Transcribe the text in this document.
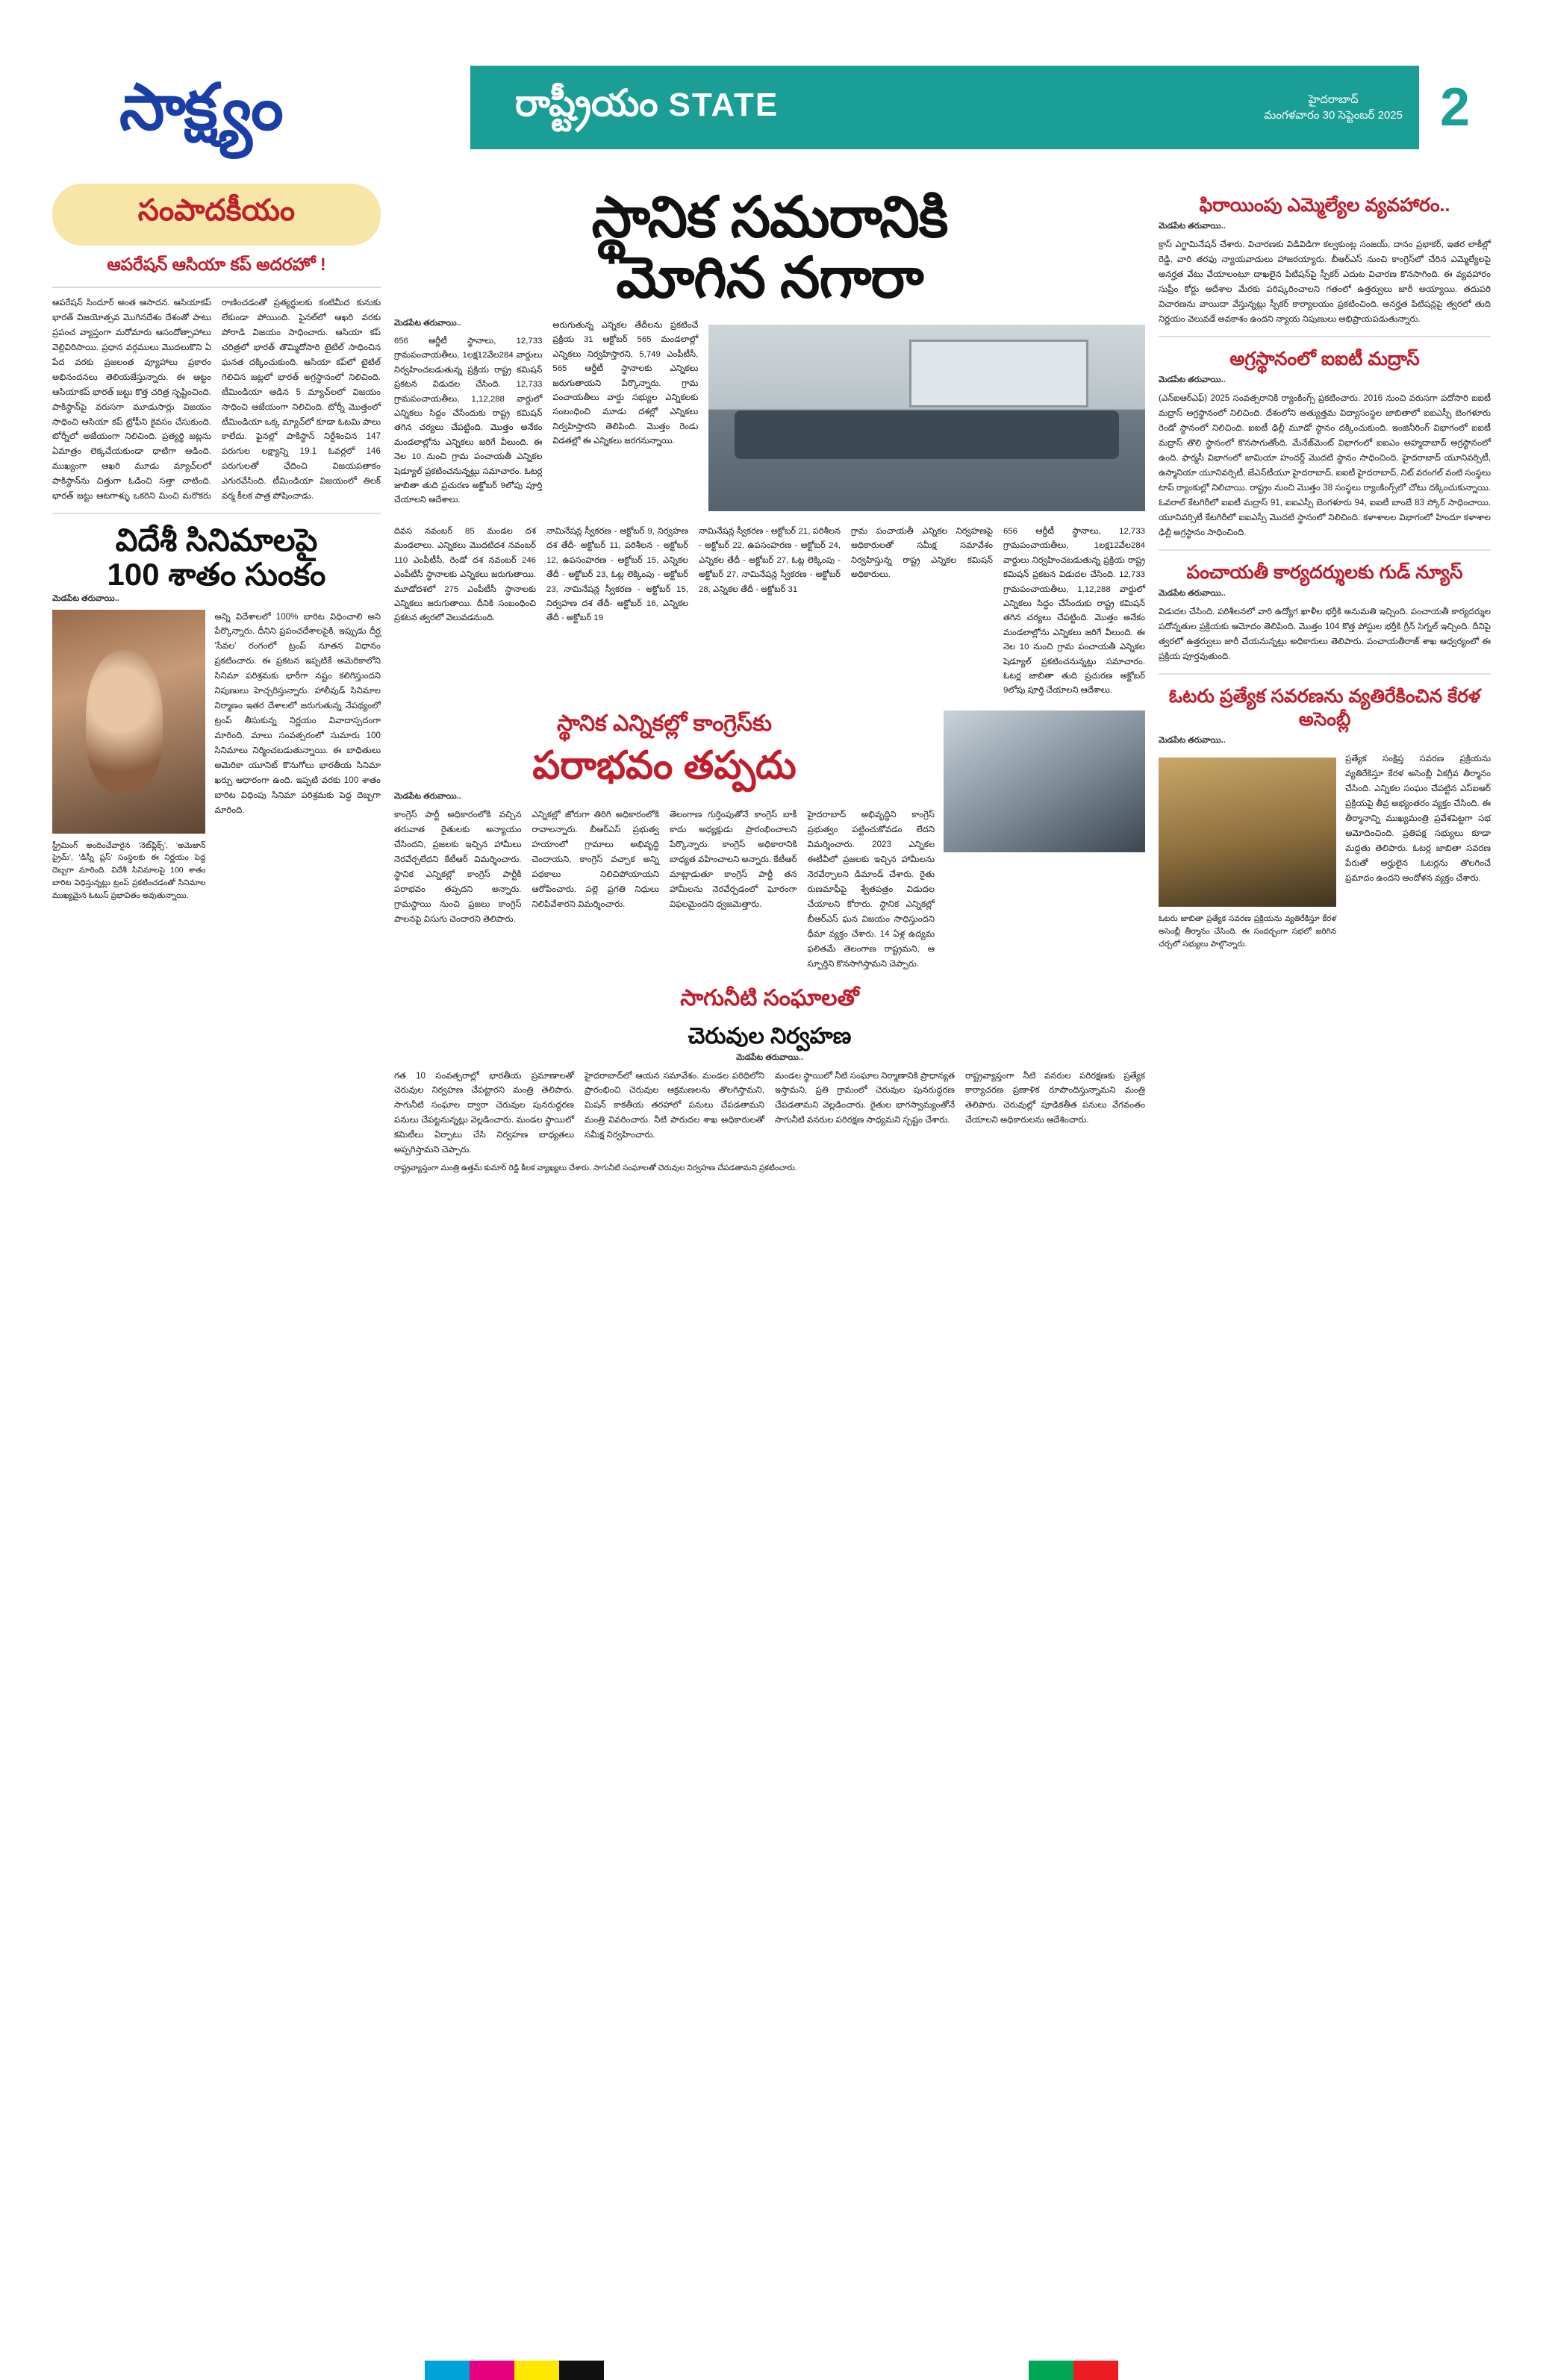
సాక్ష్యం	రాష్ట్రీయం STATE	హైదరాబాద్
మంగళవారం 30 సెప్టెంబర్ 2025 2
సంపాదకీయం
ఆపరేషన్ ఆసియా కప్ అదరహో !
ఆపరేషన్ సిందూర్ అంత ఆసాదన. ఆసియాకప్ భారత్ విజయోత్సవ మొగినదేశం దేశంతో పాటు ప్రపంచ వ్యాప్తంగా మరోమారు ఆసందోత్సాహాలు వెల్లివిరిసాయి. ప్రధాన వర్గములు మొదలుకొని ఏ పేద వరకు ప్రజలంత వ్యూహాలు ప్రకారం అభినందనలు తెలియజేస్తున్నారు. ఈ ఆట్టం ఆసియాకప్ భారత్ జట్టు కొత్త చరిత్ర సృష్టించింది. పాకిస్థాన్‌పై వరుసగా మూడుసార్లు విజయం సాధించి ఆసియా కప్ ట్రోఫీని కైవసం చేసుకుంది. టోర్నీలో అజేయంగా నిలిచింది. ప్రత్యర్థి జట్లను ఏమాత్రం లెక్కచేయకుండా ధాటిగా ఆడింది. ముఖ్యంగా ఆఖరి మూడు మ్యాచ్‌లలో పాకిస్థాన్‌ను చిత్తుగా ఓడించి సత్తా చాటింది. భారత్ జట్టు ఆటగాళ్ళు ఒకరిని మించి మరొకరు రాణించడంతో ప్రత్యర్థులకు కంటిమీద కునుకు లేకుండా పోయింది. ఫైనల్‌లో ఆఖరి వరకు పోరాడి విజయం సాధించారు. ఆసియా కప్ చరిత్రలో భారత్ తొమ్మిదోసారి టైటిల్ సాధించిన ఘనత దక్కించుకుంది. ఆసియా కప్‌లో టైటిల్ గెలిచిన జట్లలో భారత్ అగ్రస్థానంలో నిలిచింది. టీమిండియా ఆడిన 5 మ్యాచ్‌లలో విజయం సాధించి ఆజేయంగా నిలిచింది. టోర్నీ మొత్తంలో టీమిండియా ఒక్క మ్యాచ్‌లో కూడా ఓటమి పాలు కాలేదు. ఫైనల్లో పాకిస్థాన్ నిర్దేశించిన 147 పరుగుల లక్ష్యాన్ని 19.1 ఓవర్లలో 146 పరుగులతో ఛేదించి విజయపతాకం ఎగురవేసింది. టీమిండియా విజయంలో తిలక్ వర్మ కీలక పాత్ర పోషించాడు.
విదేశీ సినిమాలపై
100 శాతం సుంకం
మెడపేట తరువాయి..
స్ట్రీమింగ్ అందించేవారైన 'నెట్‌ఫ్లిక్స్', 'అమెజాన్ ప్రైమ్', 'డిస్నీ ప్లస్' సంస్థలకు ఈ నిర్ణయం పెద్ద దెబ్బగా మారింది. విదేశీ సినిమాలపై 100 శాతం బారిట విధిస్తున్నట్లు ట్రంప్ ప్రకటించడంతో సినిమాల ముఖ్యమైన ఓటుస్ ప్రభావితం అవుతున్నాయి.
అన్ని విదేశాలలో 100% బారిట విధించాలి అని పేర్కొన్నారు. దీనిని ప్రపంచదేశాలపైకి, ఇప్పుడు దీర్ఘ 'సేవల' రంగంలో ట్రంప్ నూతన విధానం ప్రకటించారు. ఈ ప్రకటన ఇప్పటికే అమెరికాలోని సినిమా పరిశ్రమకు భారీగా నష్టం కలిగిస్తుందని నిపుణులు హెచ్చరిస్తున్నారు. హాలీవుడ్ సినిమాల నిర్మాణం ఇతర దేశాలలో జరుగుతున్న నేపథ్యంలో ట్రంప్ తీసుకున్న నిర్ణయం వివాదాస్పదంగా మారింది. మాలు సంవత్సరంలో సుమారు 100 సినిమాలు నిర్మించబడుతున్నాయి. ఈ బాధితులు అమెరికా యూనిట్ కొనుగోలు భారతీయ సినిమా ఖర్చు ఆధారంగా ఉంది. ఇప్పటి వరకు 100 శాతం బారిట విధింపు సినిమా పరిశ్రమకు పెద్ద దెబ్బగా మారింది.
స్థానిక సమరానికి
మోగిన నగారా
మెడపేట తరువాయి..
656 ఆర్డీటీ స్థానాలు, 12,733 గ్రామపంచాయతీలు, 1లక్ష12వేల284 వార్డులు నిర్వహించబడుతున్న ప్రక్రియ రాష్ట్ర కమిషన్ ప్రకటన విడుదల చేసింది. 12,733 గ్రామపంచాయతీలు, 1,12,288 వార్డులో ఎన్నికలు సిద్దం చేసేందుకు రాష్ట్ర కమిషన్ తగిన చర్యలు చేపట్టింది. మొత్తం అనేకం మండలాల్లోను ఎన్నికలు జరిగే వీలుంది. ఈ నెల 10 నుంచి గ్రామ పంచాయతీ ఎన్నికల షెడ్యూల్ ప్రకటించనున్నట్లు సమాచారం. ఓటర్ల జాబితా తుది ప్రచురణ అక్టోబర్ 9లోపు పూర్తి చేయాలని ఆదేశాలు.
అరుగుతున్న ఎన్నికల తేదీలను ప్రకటించే ప్రక్రియ 31 ఆక్టోబర్ 565 మండలాల్లో ఎన్నికలు నిర్వహిస్తారని, 5,749 ఎంపీటీసీ, 565 ఆర్డీటీ స్థానాలకు ఎన్నికలు జరుగుతాయని పేర్కొన్నారు. గ్రామ పంచాయతీలు వార్డు సభ్యుల ఎన్నికలకు సంబంధించి మూడు దశల్లో ఎన్నికలు నిర్వహిస్తారని తెలిపింది. మొత్తం రెండు విడతల్లో ఈ ఎన్నికలు జరగనున్నాయి.
దివస నవంబర్ 85 మండల దశ మండలాలు. ఎన్నికలు మొదటిదశ నవంబర్ 110 ఎంపీటీసీ, రెండో దశ నవంబర్ 246 ఎంపీటీసీ స్థానాలకు ఎన్నికలు జరుగుతాయి. మూడోదశలో 275 ఎంపీటీసీ స్థానాలకు ఎన్నికలు జరుగుతాయి. దీనికి సంబంధించి ప్రకటన త్వరలో వెలువడనుంది.
నామినేషన్ల స్వీకరణ - అక్టోబర్ 9, నిర్వహణ దశ తేదీ- అక్టోబర్ 11, పరిశీలన - అక్టోబర్ 12, ఉపసంహరణ - అక్టోబర్ 15, ఎన్నికల తేదీ - అక్టోబర్ 23, ఓట్ల లెక్కింపు - అక్టోబర్ 23, నామినేషన్ల స్వీకరణ - అక్టోబర్ 15, నిర్వహణ దశ తేదీ- అక్టోబర్ 16, ఎన్నికల తేదీ - అక్టోబర్ 19
నామినేషన్ల స్వీకరణ - అక్టోబర్ 21, పరిశీలన - అక్టోబర్ 22, ఉపసంహరణ - అక్టోబర్ 24, ఎన్నికల తేదీ - అక్టోబర్ 27, ఓట్ల లెక్కింపు - అక్టోబర్ 27, నామినేషన్ల స్వీకరణ - అక్టోబర్ 28, ఎన్నికల తేదీ - అక్టోబర్ 31
గ్రామ పంచాయతీ ఎన్నికల నిర్వహణపై అధికారులతో సమీక్ష సమావేశం నిర్వహిస్తున్న రాష్ట్ర ఎన్నికల కమిషన్ అధికారులు.
656 ఆర్డీటీ స్థానాలు, 12,733 గ్రామపంచాయతీలు, 1లక్ష12వేల284 వార్డులు నిర్వహించబడుతున్న ప్రక్రియ రాష్ట్ర కమిషన్ ప్రకటన విడుదల చేసింది. 12,733 గ్రామపంచాయతీలు, 1,12,288 వార్డులో ఎన్నికలు సిద్దం చేసేందుకు రాష్ట్ర కమిషన్ తగిన చర్యలు చేపట్టింది. మొత్తం అనేకం మండలాల్లోను ఎన్నికలు జరిగే వీలుంది. ఈ నెల 10 నుంచి గ్రామ పంచాయతీ ఎన్నికల షెడ్యూల్ ప్రకటించనున్నట్లు సమాచారం. ఓటర్ల జాబితా తుది ప్రచురణ అక్టోబర్ 9లోపు పూర్తి చేయాలని ఆదేశాలు.
స్థానిక ఎన్నికల్లో కాంగ్రెస్‌కు
పరాభవం తప్పదు
మెడపేట తరువాయి..
కాంగ్రెస్ పార్టీ అధికారంలోకి వచ్చిన తరువాత రైతులకు అన్యాయం చేసిందని, ప్రజలకు ఇచ్చిన హామీలు నెరవేర్చలేదని కేటీఆర్ విమర్శించారు. స్థానిక ఎన్నికల్లో కాంగ్రెస్ పార్టీకి పరాభవం తప్పదని అన్నారు. గ్రామస్థాయి నుంచి ప్రజలు కాంగ్రెస్ పాలనపై విసుగు చెందారని తెలిపారు.
ఎన్నికల్లో జోరుగా తిరిగి అధికారంలోకి రావాలన్నారు. బీఆర్ఎస్ ప్రభుత్వ హయాంలో గ్రామాలు అభివృద్ధి చెందాయని, కాంగ్రెస్ వచ్చాక అన్ని పథకాలు నిలిచిపోయాయని ఆరోపించారు. పల్లె ప్రగతి నిధులు నిలిపివేశారని విమర్శించారు.
తెలంగాణ గుర్తింపుతోనే కాంగ్రెస్ బాకీ కాదు అధ్యక్షుడు ప్రారంభించాలని పేర్కొన్నారు. కాంగ్రెస్ అధికారానికి బాధ్యత వహించాలని అన్నారు. కేటీఆర్ మాట్లాడుతూ కాంగ్రెస్ పార్టీ తన హామీలను నెరవేర్చడంలో ఘోరంగా విఫలమైందని ధ్వజమెత్తారు.
హైదరాబాద్ అభివృద్ధిని కాంగ్రెస్ ప్రభుత్వం పట్టించుకోవడం లేదని విమర్శించారు. 2023 ఎన్నికల ఈటీవీలో ప్రజలకు ఇచ్చిన హామీలను నెరవేర్చాలని డిమాండ్ చేశారు. రైతు రుణమాఫీపై శ్వేతపత్రం విడుదల చేయాలని కోరారు. స్థానిక ఎన్నికల్లో బీఆర్ఎస్ ఘన విజయం సాధిస్తుందని ధీమా వ్యక్తం చేశారు. 14 ఏళ్ల ఉద్యమ ఫలితమే తెలంగాణ రాష్ట్రమని, ఆ స్ఫూర్తిని కొనసాగిస్తామని చెప్పారు.
సాగునీటి సంఘాలతో
చెరువుల నిర్వహణ
మెడపేట తరువాయి..
గత 10 సంవత్సరాల్లో భారతీయ ప్రమాణాలతో చెరువుల నిర్వహణ చేపట్టారని మంత్రి తెలిపారు. సాగునీటి సంఘాల ద్వారా చెరువుల పునరుద్ధరణ పనులు చేపట్టనున్నట్లు వెల్లడించారు. మండల స్థాయిలో కమిటీలు ఏర్పాటు చేసి నిర్వహణ బాధ్యతలు అప్పగిస్తామని చెప్పారు.
హైదరాబాద్‌లో ఆయన సమావేశం. మండల పరిధిలోని ప్రారంభించి చెరువుల ఆక్రమణలను తొలగిస్తామని, మిషన్ కాకతీయ తరహాలో పనులు చేపడతామని మంత్రి వివరించారు. నీటి పారుదల శాఖ అధికారులతో సమీక్ష నిర్వహించారు.
మండల స్థాయిలో నీటి సంఘాల నిర్మాణానికి ప్రాధాన్యత ఇస్తామని, ప్రతి గ్రామంలో చెరువుల పునరుద్ధరణ చేపడతామని వెల్లడించారు. రైతుల భాగస్వామ్యంతోనే సాగునీటి వనరుల పరిరక్షణ సాధ్యమని స్పష్టం చేశారు.
రాష్ట్రవ్యాప్తంగా నీటి వనరుల పరిరక్షణకు ప్రత్యేక కార్యాచరణ ప్రణాళిక రూపొందిస్తున్నామని మంత్రి తెలిపారు. చెరువుల్లో పూడికతీత పనులు వేగవంతం చేయాలని అధికారులను ఆదేశించారు.
రాష్ట్రవ్యాప్తంగా మంత్రి ఉత్తమ్ కుమార్ రెడ్డి కీలక వ్యాఖ్యలు చేశారు. సాగునీటి సంఘాలతో చెరువుల నిర్వహణ చేపడతామని ప్రకటించారు.
ఫిరాయింపు ఎమ్మెల్యేల వ్యవహారం..
మెడపేట తరువాయి..
క్రాస్ ఎగ్జామినేషన్ చేశారు. విచారణకు విడివిడిగా కల్వకుంట్ల సంజయ్, దానం ప్రభాకర్, ఇతర లాకీల్లో రెడ్డి, వారి తరఫు న్యాయవాదులు హాజరయ్యారు. బీఆర్ఎస్ నుంచి కాంగ్రెస్‌లో చేరిన ఎమ్మెల్యేలపై అనర్హత వేటు వేయాలంటూ దాఖలైన పిటిషన్‌పై స్పీకర్ ఎదుట విచారణ కొనసాగింది. ఈ వ్యవహారం సుప్రీం కోర్టు ఆదేశాల మేరకు పరిష్కరించాలని గతంలో ఉత్తర్వులు జారీ అయ్యాయి. తదుపరి విచారణను వాయిదా వేస్తున్నట్లు స్పీకర్ కార్యాలయం ప్రకటించింది. అనర్హత పిటిషన్లపై త్వరలో తుది నిర్ణయం వెలువడే అవకాశం ఉందని న్యాయ నిపుణులు అభిప్రాయపడుతున్నారు.
అగ్రస్థానంలో ఐఐటీ మద్రాస్
మెడపేట తరువాయి..
(ఎన్ఐఆర్ఎఫ్) 2025 సంవత్సరానికి ర్యాంకింగ్స్ ప్రకటించారు. 2016 నుంచి వరుసగా పదోసారి ఐఐటీ మద్రాస్ అగ్రస్థానంలో నిలిచింది. దేశంలోని అత్యుత్తమ విద్యాసంస్థల జాబితాలో ఐఐఎస్సీ బెంగళూరు రెండో స్థానంలో నిలిచింది. ఐఐటీ ఢిల్లీ మూడో స్థానం దక్కించుకుంది. ఇంజినీరింగ్ విభాగంలో ఐఐటీ మద్రాస్ తొలి స్థానంలో కొనసాగుతోంది. మేనేజ్‌మెంట్ విభాగంలో ఐఐఎం అహ్మదాబాద్ అగ్రస్థానంలో ఉంది. ఫార్మసీ విభాగంలో జామియా హందర్ద్ మొదటి స్థానం సాధించింది. హైదరాబాద్ యూనివర్సిటీ, ఉస్మానియా యూనివర్సిటీ, జేఎన్‌టీయూ హైదరాబాద్, ఐఐటీ హైదరాబాద్, నిట్ వరంగల్ వంటి సంస్థలు టాప్ ర్యాంకుల్లో నిలిచాయి. రాష్ట్రం నుంచి మొత్తం 38 సంస్థలు ర్యాంకింగ్స్‌లో చోటు దక్కించుకున్నాయి. ఓవరాల్ కేటగిరీలో ఐఐటీ మద్రాస్ 91, ఐఐఎస్సీ బెంగళూరు 94, ఐఐటీ బాంబే 83 స్కోర్ సాధించాయి. యూనివర్సిటీ కేటగిరీలో ఐఐఎస్సీ మొదటి స్థానంలో నిలిచింది. కళాశాలల విభాగంలో హిందూ కళాశాల ఢిల్లీ అగ్రస్థానం సాధించింది.
పంచాయతీ కార్యదర్శులకు గుడ్ న్యూస్
మెడపేట తరువాయి..
విడుదల చేసింది. పరిశీలనలో వారి ఉద్యోగ ఖాళీల భర్తీకి అనుమతి ఇచ్చింది. పంచాయతీ కార్యదర్శుల పదోన్నతుల ప్రక్రియకు ఆమోదం తెలిపింది. మొత్తం 104 కొత్త పోస్టుల భర్తీకి గ్రీన్ సిగ్నల్ ఇచ్చింది. దీనిపై త్వరలో ఉత్తర్వులు జారీ చేయనున్నట్లు అధికారులు తెలిపారు. పంచాయతీరాజ్ శాఖ ఆధ్వర్యంలో ఈ ప్రక్రియ పూర్తవుతుంది.
ఓటరు ప్రత్యేక సవరణను వ్యతిరేకించిన కేరళ అసెంబ్లీ
మెడపేట తరువాయి..
ఓటరు జాబితా ప్రత్యేక సవరణ ప్రక్రియను వ్యతిరేకిస్తూ కేరళ అసెంబ్లీ తీర్మానం చేసింది. ఈ సందర్భంగా సభలో జరిగిన చర్చలో సభ్యులు పాల్గొన్నారు.
ప్రత్యేక సంక్షిప్త సవరణ ప్రక్రియను వ్యతిరేకిస్తూ కేరళ అసెంబ్లీ ఏకగ్రీవ తీర్మానం చేసింది. ఎన్నికల సంఘం చేపట్టిన ఎస్ఐఆర్ ప్రక్రియపై తీవ్ర అభ్యంతరం వ్యక్తం చేసింది. ఈ తీర్మానాన్ని ముఖ్యమంత్రి ప్రవేశపెట్టగా సభ ఆమోదించింది. ప్రతిపక్ష సభ్యులు కూడా మద్దతు తెలిపారు. ఓటర్ల జాబితా సవరణ పేరుతో అర్హులైన ఓటర్లను తొలగించే ప్రమాదం ఉందని ఆందోళన వ్యక్తం చేశారు.
